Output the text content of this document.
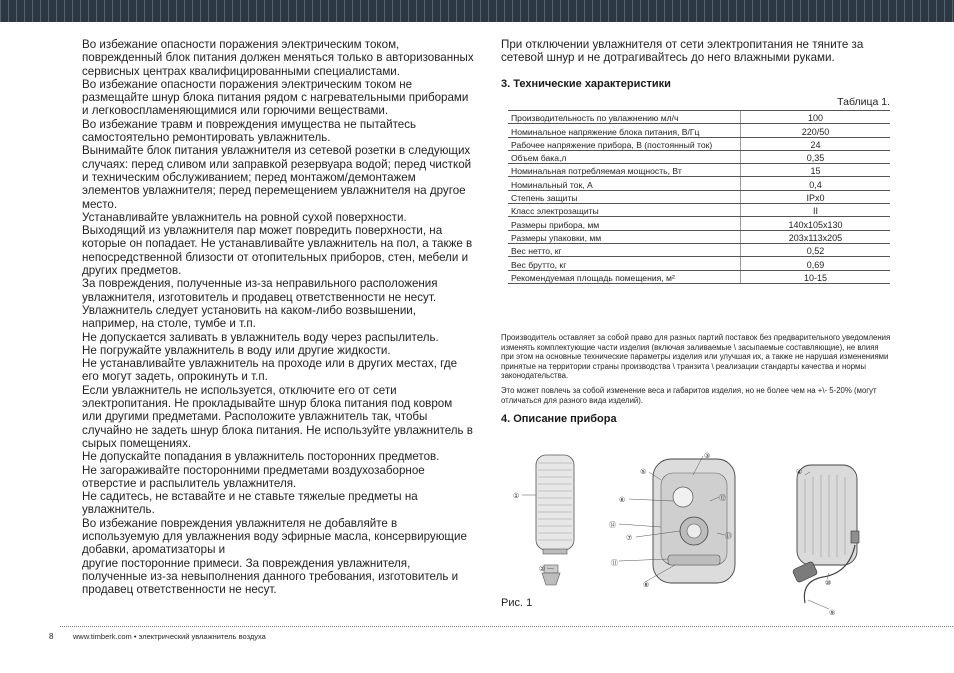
Во избежание опасности поражения электрическим током, поврежденный блок питания должен меняться только в авторизованных сервисных центрах квалифицированными специалистами.

Во избежание опасности поражения электрическим током не размещайте шнур блока питания рядом с нагревательными приборами и легковоспламеняющимися или горючими веществами.

Во избежание травм и повреждения имущества не пытайтесь самостоятельно ремонтировать увлажнитель.

Вынимайте блок питания увлажнителя из сетевой розетки в следующих случаях: перед сливом или заправкой резервуара водой; перед чисткой и техническим обслуживанием; перед монтажом/демонтажем элементов увлажнителя; перед перемещением увлажнителя на другое место.

Устанавливайте увлажнитель на ровной сухой поверхности.

Выходящий из увлажнителя пар может повредить поверхности, на которые он попадает. Не устанавливайте увлажнитель на пол, а также в непосредственной близости от отопительных приборов, стен, мебели и других предметов.

За повреждения, полученные из-за неправильного расположения увлажнителя, изготовитель и продавец ответственности не несут.

Увлажнитель следует установить на каком-либо возвышении, например, на столе, тумбе и т.п.

Не допускается заливать в увлажнитель воду через распылитель.

Не погружайте увлажнитель в воду или другие жидкости.

Не устанавливайте увлажнитель на проходе или в других местах, где его могут задеть, опрокинуть и т.п.

Если увлажнитель не используется, отключите его от сети электропитания. Не прокладывайте шнур блока питания под ковром или другими предметами. Расположите увлажнитель так, чтобы случайно не задеть шнур блока питания. Не используйте увлажнитель в сырых помещениях.

Не допускайте попадания в увлажнитель посторонних предметов.

Не загораживайте посторонними предметами воздухозаборное отверстие и распылитель увлажнителя.

Не садитесь, не вставайте и не ставьте тяжелые предметы на увлажнитель.

Во избежание повреждения увлажнителя не добавляйте в используемую для увлажнения воду эфирные масла, консервирующие добавки, ароматизаторы и

другие посторонние примеси. За повреждения увлажнителя, полученные из-за невыполнения данного требования, изготовитель и продавец ответственности не несут.

При отключении увлажнителя от сети электропитания не тяните за сетевой шнур и не дотрагивайтесь до него влажными руками.

3. Технические характеристики
Таблица 1.
Производительность по увлажнению мл/ч	100
Номинальное напряжение блока питания, В/Гц	220/50
Рабочее напряжение прибора, В (постоянный ток)	24
Объем бака,л	0,35
Номинальная потребляемая мощность, Вт	15
Номинальный ток, А	0,4
Степень защиты	IPx0
Класс электрозащиты	II
Размеры прибора, мм	140x105x130
Размеры упаковки, мм	203x113x205
Вес нетто, кг	0,52
Вес брутто, кг	0,69
Рекомендуемая площадь помещения, м²	10-15

Производитель оставляет за собой право для разных партий поставок без предварительного уведомления изменять комплектующие части изделия (включая заливаемые \ засыпаемые составляющие), не влияя при этом на основные технические параметры изделия или улучшая их, а также не нарушая изменениями принятые на территории страны производства \ транзита \ реализации стандарты качества и нормы законодательства.

Это может повлечь за собой изменение веса и габаритов изделия, но не более чем на +\- 5-20% (могут отличаться для разного вида изделий).

4. Описание прибора
①
②
③
④
⑤
⑥
⑦
⑧
⑨
⑩
⑪
⑫
⑬
⑭
Рис. 1
8	www.timberk.com • электрический увлажнитель воздуха
